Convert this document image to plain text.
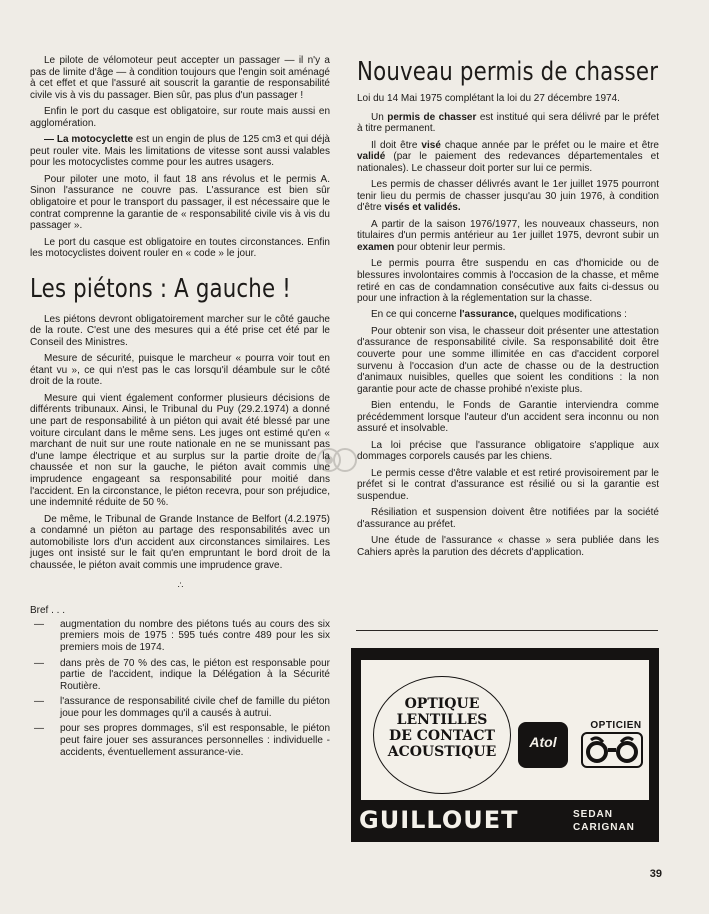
Le pilote de vélomoteur peut accepter un passager — il n'y a pas de limite d'âge — à condition toujours que l'engin soit aménagé à cet effet et que l'assuré ait souscrit la garantie de responsabilité civile vis à vis du passager. Bien sûr, pas plus d'un passager !

Enfin le port du casque est obligatoire, sur route mais aussi en agglomération.

— La motocyclette est un engin de plus de 125 cm3 et qui déjà peut rouler vite. Mais les limitations de vitesse sont aussi valables pour les motocyclistes comme pour les autres usagers.

Pour piloter une moto, il faut 18 ans révolus et le permis A. Sinon l'assurance ne couvre pas. L'assurance est bien sûr obligatoire et pour le transport du passager, il est nécessaire que le contrat comprenne la garantie de « responsabilité civile vis à vis du passager ».

Le port du casque est obligatoire en toutes circonstances. Enfin les motocyclistes doivent rouler en « code » le jour.

Les piétons : A gauche !

Les piétons devront obligatoirement marcher sur le côté gauche de la route. C'est une des mesures qui a été prise cet été par le Conseil des Ministres.

Mesure de sécurité, puisque le marcheur « pourra voir tout en étant vu », ce qui n'est pas le cas lorsqu'il déambule sur le côté droit de la route.

Mesure qui vient également conformer plusieurs décisions de différents tribunaux. Ainsi, le Tribunal du Puy (29.2.1974) a donné une part de responsabilité à un piéton qui avait été blessé par une voiture circulant dans le même sens. Les juges ont estimé qu'en « marchant de nuit sur une route nationale en ne se munissant pas d'une lampe électrique et au surplus sur la partie droite de la chaussée et non sur la gauche, le piéton avait commis une imprudence engageant sa responsabilité pour moitié dans l'accident. En la circonstance, le piéton recevra, pour son préjudice, une indemnité réduite de 50 %.

De même, le Tribunal de Grande Instance de Belfort (4.2.1975) a condamné un piéton au partage des responsabilités avec un automobiliste lors d'un accident aux circonstances similaires. Les juges ont insisté sur le fait qu'en empruntant le bord droit de la chaussée, le piéton avait commis une imprudence grave.

∴

Bref . . .

— augmentation du nombre des piétons tués au cours des six premiers mois de 1975 : 595 tués contre 489 pour les six premiers mois de 1974.
— dans près de 70 % des cas, le piéton est responsable pour partie de l'accident, indique la Délégation à la Sécurité Routière.
— l'assurance de responsabilité civile chef de famille du piéton joue pour les dommages qu'il a causés à autrui.
— pour ses propres dommages, s'il est responsable, le piéton peut faire jouer ses assurances personnelles : individuelle - accidents, éventuellement assurance-vie.
Nouveau permis de chasser

Loi du 14 Mai 1975 complétant la loi du 27 décembre 1974.

Un permis de chasser est institué qui sera délivré par le préfet à titre permanent.

Il doit être visé chaque année par le préfet ou le maire et être validé (par le paiement des redevances départementales et nationales). Le chasseur doit porter sur lui ce permis.

Les permis de chasser délivrés avant le 1er juillet 1975 pourront tenir lieu du permis de chasser jusqu'au 30 juin 1976, à condition d'être visés et validés.

A partir de la saison 1976/1977, les nouveaux chasseurs, non titulaires d'un permis antérieur au 1er juillet 1975, devront subir un examen pour obtenir leur permis.

Le permis pourra être suspendu en cas d'homicide ou de blessures involontaires commis à l'occasion de la chasse, et même retiré en cas de condamnation consécutive aux faits ci-dessus ou pour une infraction à la réglementation sur la chasse.

En ce qui concerne l'assurance, quelques modifications :

Pour obtenir son visa, le chasseur doit présenter une attestation d'assurance de responsabilité civile. Sa responsabilité doit être couverte pour une somme illimitée en cas d'accident corporel survenu à l'occasion d'un acte de chasse ou de la destruction d'animaux nuisibles, quelles que soient les conditions : la non garantie pour acte de chasse prohibé n'existe plus.

Bien entendu, le Fonds de Garantie interviendra comme précédemment lorsque l'auteur d'un accident sera inconnu ou non assuré et insolvable.

La loi précise que l'assurance obligatoire s'applique aux dommages corporels causés par les chiens.

Le permis cesse d'être valable et est retiré provisoirement par le préfet si le contrat d'assurance est résilié ou si la garantie est suspendue.

Résiliation et suspension doivent être notifiées par la société d'assurance au préfet.

Une étude de l'assurance « chasse » sera publiée dans les Cahiers après la parution des décrets d'application.

OPTIQUE
LENTILLES
DE CONTACT
ACOUSTIQUE
Atol
OPTICIEN
GUILLOUET	SEDAN
CARIGNAN
39
